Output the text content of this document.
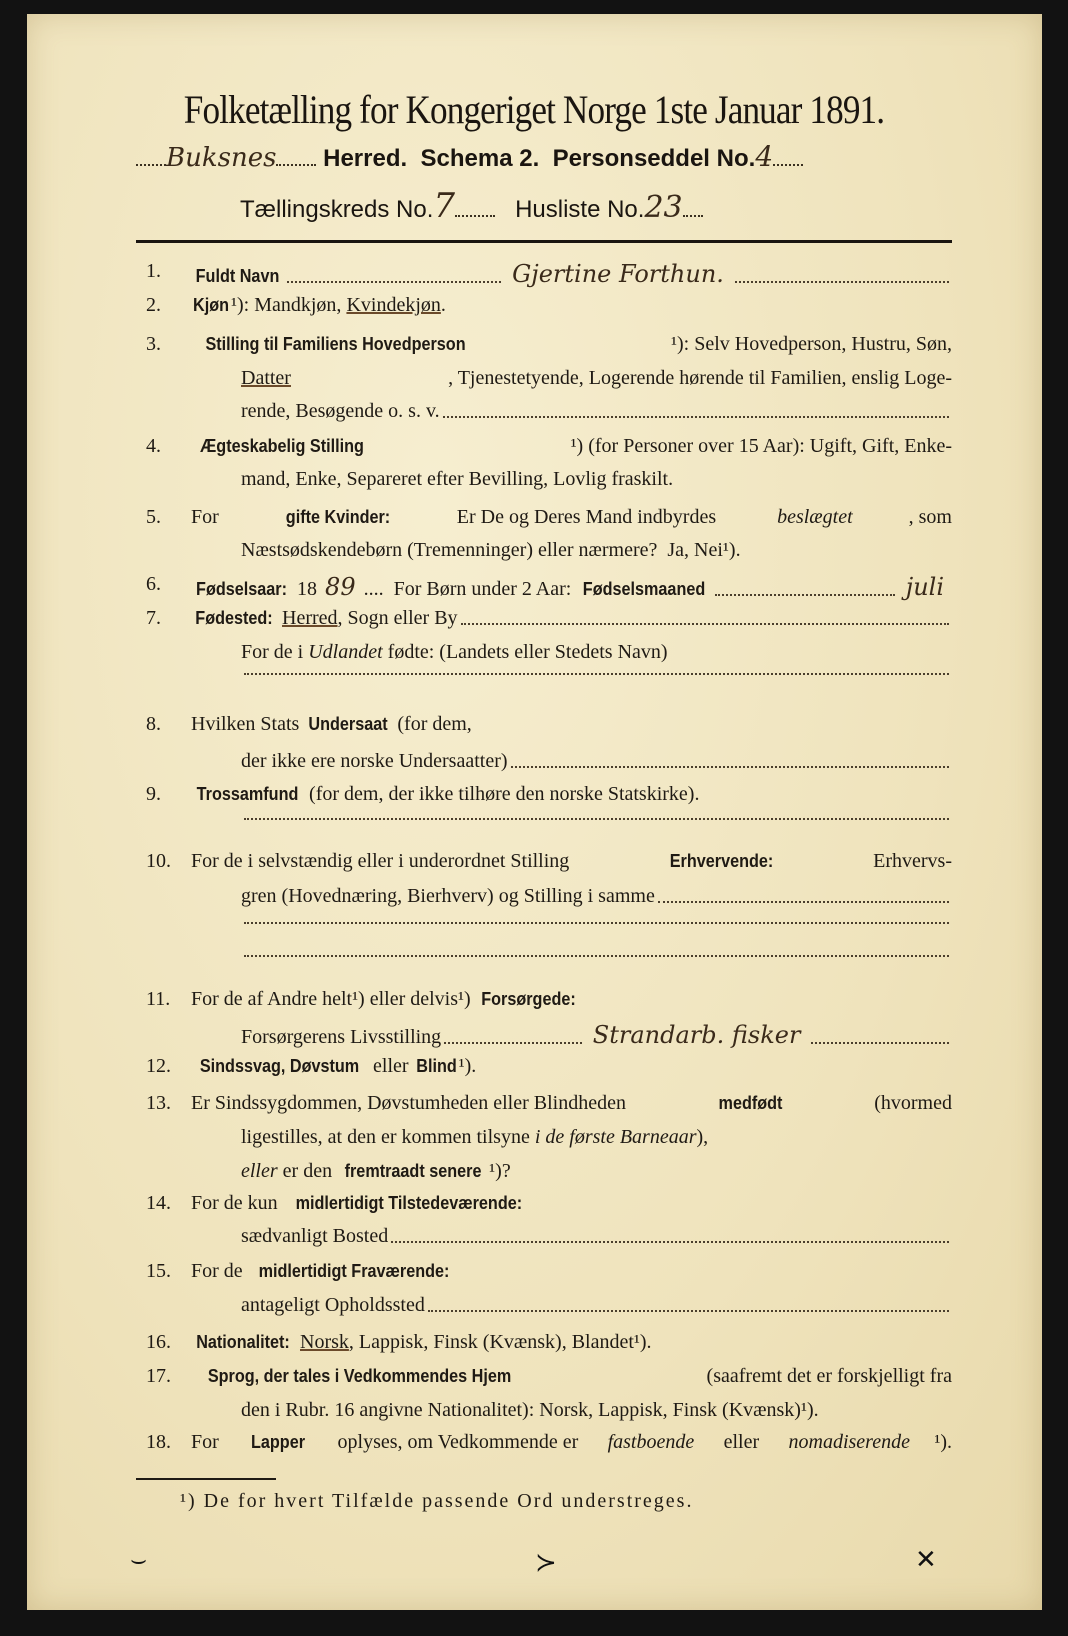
Folketælling for Kongeriget Norge 1ste Januar 1891.
Buksnes Herred. Schema 2. Personseddel No.4
Tællingskreds No.7	Husliste No.23
1. Fuldt Navn	Gjertine Forthun.
2. Kjøn ¹): Mandkjøn, Kvindekjøn .
3. Stilling til Familiens Hovedperson	¹): Selv Hovedperson, Hustru, Søn,
Datter	, Tjenestetyende, Logerende hørende til Familien, enslig Loge-
rende, Besøgende o. s. v.
4. Ægteskabelig Stilling	¹) (for Personer over 15 Aar): Ugift, Gift, Enke-
mand, Enke, Separeret efter Bevilling, Lovlig fraskilt.
5. For	gifte Kvinder:	Er De og Deres Mand indbyrdes	beslægtet	, som
Næstsødskendebørn (Tremenninger) eller nærmere?  Ja, Nei¹).
6. Fødselsaar: 18 89 ....  For Børn under 2 Aar: Fødselsmaaned	juli
7. Fødested:
Herred , Sogn eller By
For de i Udlandet fødte: (Landets eller Stedets Navn)
8. Hvilken Stats Undersaat (for dem,
der ikke ere norske Undersaatter)
9. Trossamfund (for dem, der ikke tilhøre den norske Statskirke).
10. For de i selvstændig eller i underordnet Stilling	Erhvervende:	Erhvervs-
gren (Hovednæring, Bierhverv) og Stilling i samme
11. For de af Andre helt¹) eller delvis¹) Forsørgede:
Forsørgerens Livsstilling	Strandarb. fisker
12. Sindssvag, Døvstum eller Blind ¹).
13. Er Sindssygdommen, Døvstumheden eller Blindheden	medfødt	(hvormed
ligestilles, at den er kommen tilsyne i de første Barneaar ),
eller er den fremtraadt senere ¹)?
14. For de kun midlertidigt Tilstedeværende:
sædvanligt Bosted
15. For de midlertidigt Fraværende:
antageligt Opholdssted
16. Nationalitet:
Norsk , Lappisk, Finsk (Kvænsk), Blandet¹).
17. Sprog, der tales i Vedkommendes Hjem	(saafremt det er forskjelligt fra
den i Rubr. 16 angivne Nationalitet): Norsk, Lappisk, Finsk (Kvænsk)¹).
18. For Lapper oplyses, om Vedkommende er fastboende eller nomadiserende ¹).
¹) De for hvert Tilfælde passende Ord understreges.
⌣	≻	✕
